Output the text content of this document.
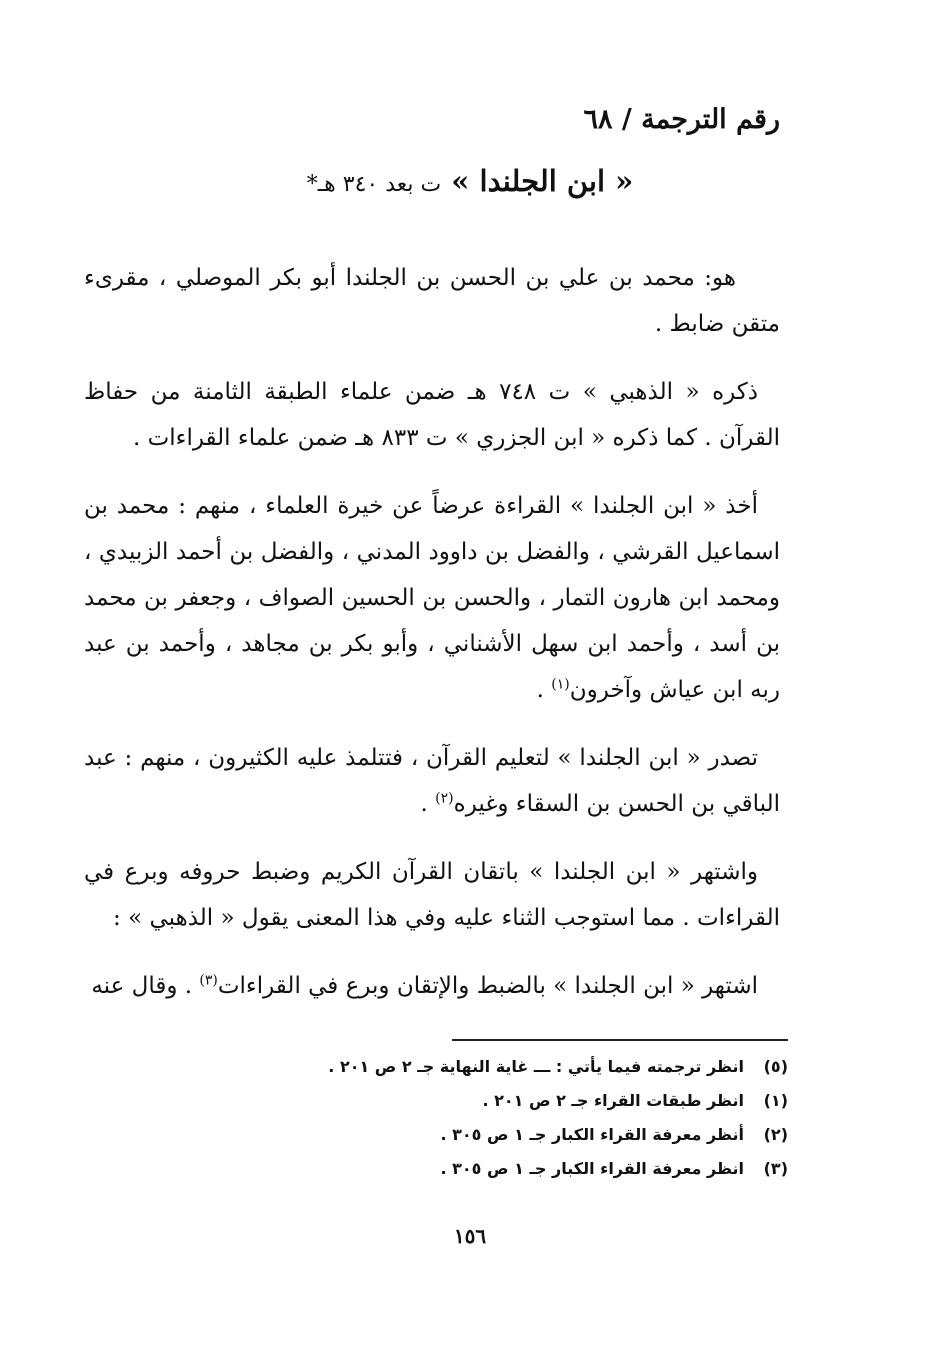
رقم الترجمة / ٦٨
« ابن الجلندا » ت بعد ٣٤٠ هـ*

هو: محمد بن علي بن الحسن بن الجلندا أبو بكر الموصلي ، مقرىء متقن ضابط .

ذكره « الذهبي » ت ٧٤٨ هـ ضمن علماء الطبقة الثامنة من حفاظ القرآن . كما ذكره « ابن الجزري » ت ٨٣٣ هـ ضمن علماء القراءات .

أخذ « ابن الجلندا » القراءة عرضاً عن خيرة العلماء ، منهم : محمد بن اسماعيل القرشي ، والفضل بن داوود المدني ، والفضل بن أحمد الزبيدي ، ومحمد ابن هارون التمار ، والحسن بن الحسين الصواف ، وجعفر بن محمد بن أسد ، وأحمد ابن سهل الأشناني ، وأبو بكر بن مجاهد ، وأحمد بن عبد ربه ابن عياش وآخرون$^{(١)}$ .

تصدر « ابن الجلندا » لتعليم القرآن ، فتتلمذ عليه الكثيرون ، منهم : عبد الباقي بن الحسن بن السقاء وغيره$^{(٢)}$ .

واشتهر « ابن الجلندا » باتقان القرآن الكريم وضبط حروفه وبرع في القراءات . مما استوجب الثناء عليه وفي هذا المعنى يقول « الذهبي » :

اشتهر « ابن الجلندا » بالضبط والإتقان وبرع في القراءات$^{(٣)}$ . وقال عنه

(٥)
انظر ترجمته فيما يأتي : ـــ غاية النهاية جـ ٢ ص ٢٠١ .
(١)
انظر طبقات القراء جـ ٢ ص ٢٠١ .
(٢)
أنظر معرفة القراء الكبار جـ ١ ص ٣٠٥ .
(٣)
انظر معرفة القراء الكبار جـ ١ ص ٣٠٥ .
١٥٦
